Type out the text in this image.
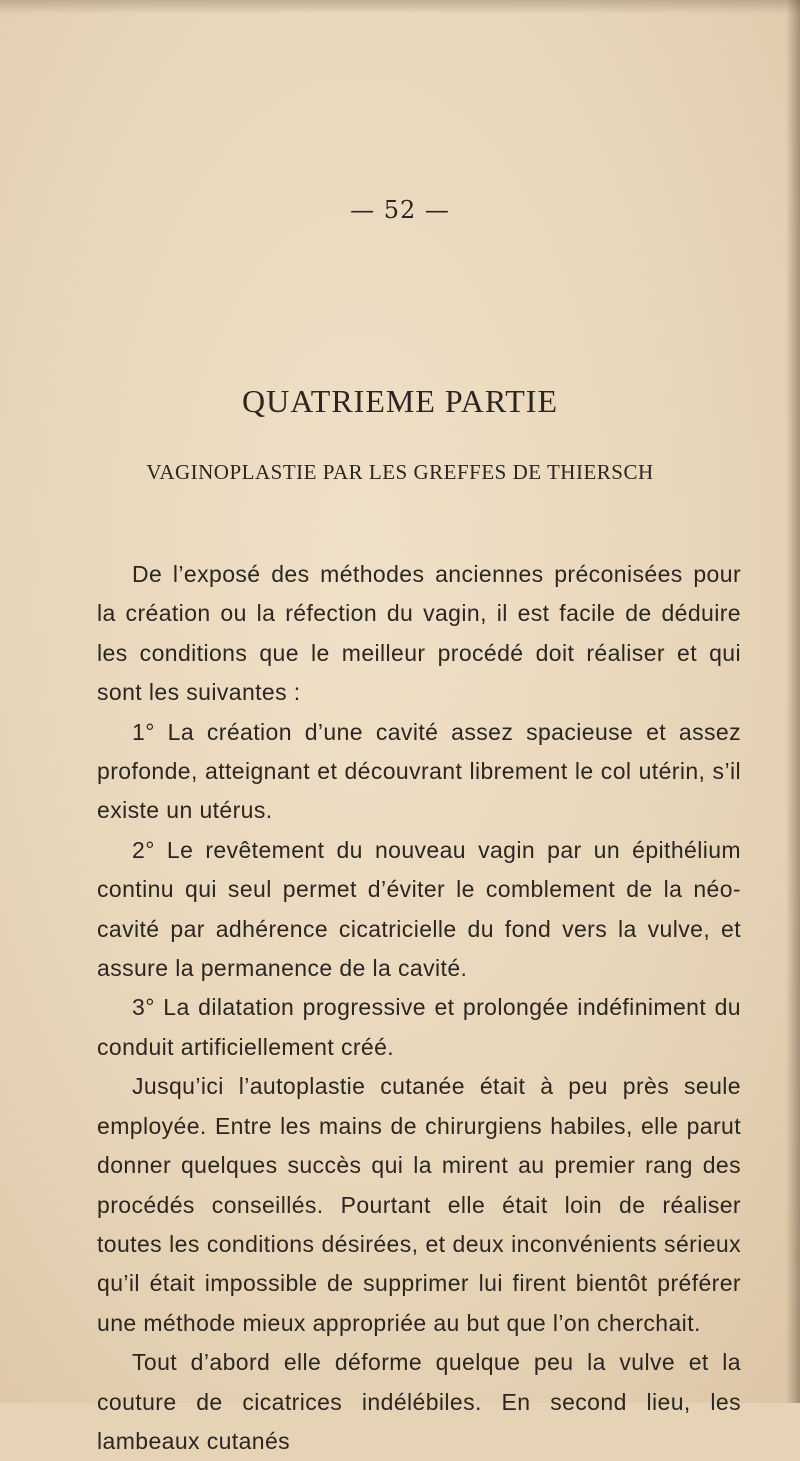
— 52 —
QUATRIEME PARTIE
VAGINOPLASTIE PAR LES GREFFES DE THIERSCH

De l’exposé des méthodes anciennes préconisées pour la création ou la réfection du vagin, il est facile de déduire les conditions que le meilleur procédé doit réaliser et qui sont les suivantes :

1° La création d’une cavité assez spacieuse et assez profonde, atteignant et découvrant librement le col utérin, s’il existe un utérus.

2° Le revêtement du nouveau vagin par un épithélium continu qui seul permet d’éviter le comblement de la néo-cavité par adhérence cicatricielle du fond vers la vulve, et assure la permanence de la cavité.

3° La dilatation progressive et prolongée indéfiniment du conduit artificiellement créé.

Jusqu’ici l’autoplastie cutanée était à peu près seule employée. Entre les mains de chirurgiens habiles, elle parut donner quelques succès qui la mirent au premier rang des procédés conseillés. Pourtant elle était loin de réaliser toutes les conditions désirées, et deux inconvénients sérieux qu’il était impossible de supprimer lui firent bientôt préférer une méthode mieux appropriée au but que l’on cherchait.

Tout d’abord elle déforme quelque peu la vulve et la couture de cicatrices indélébiles. En second lieu, les lambeaux cutanés
